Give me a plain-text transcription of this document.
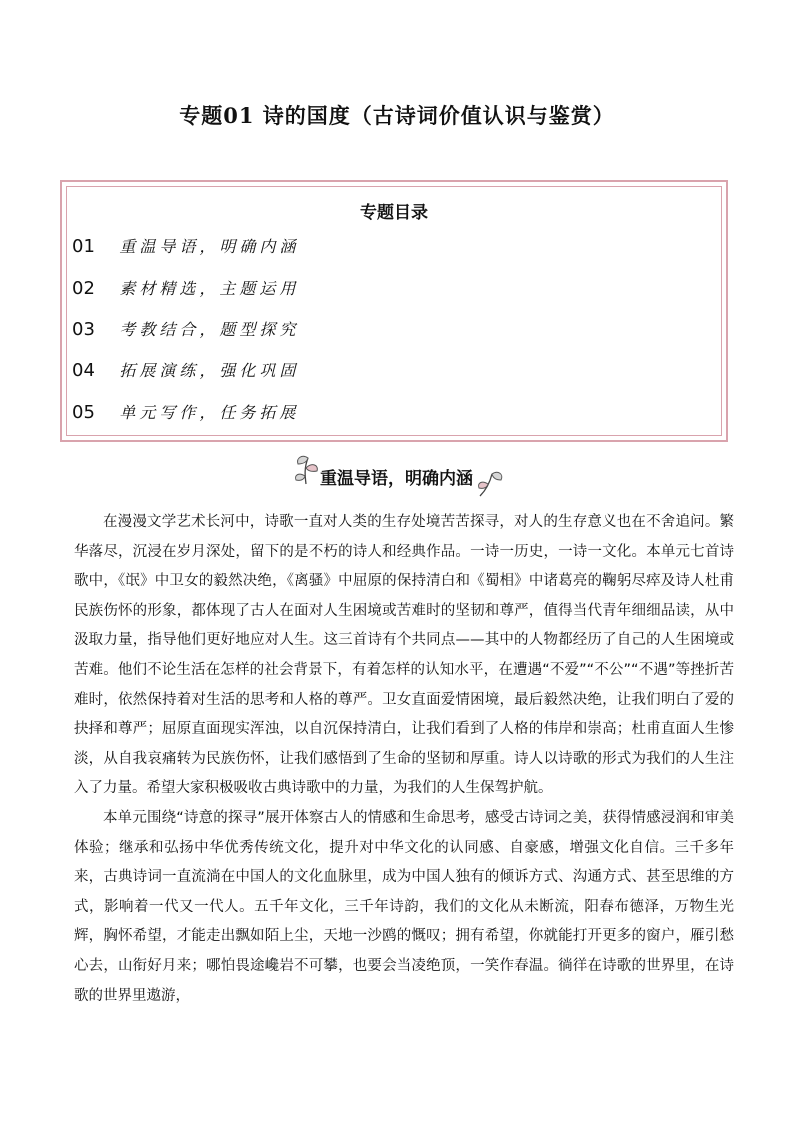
专题01 诗的国度（古诗词价值认识与鉴赏）
专题目录
01 重温导语，明确内涵
02 素材精选，主题运用
03 考教结合，题型探究
04 拓展演练，强化巩固
05 单元写作，任务拓展
重温导语，明确内涵

在漫漫文学艺术长河中，诗歌一直对人类的生存处境苦苦探寻，对人的生存意义也在不舍追问。繁华落尽，沉浸在岁月深处，留下的是不朽的诗人和经典作品。一诗一历史，一诗一文化。本单元七首诗歌中，《氓》中卫女的毅然决绝，《离骚》中屈原的保持清白和《蜀相》中诸葛亮的鞠躬尽瘁及诗人杜甫民族伤怀的形象，都体现了古人在面对人生困境或苦难时的坚韧和尊严，值得当代青年细细品读，从中汲取力量，指导他们更好地应对人生。这三首诗有个共同点——其中的人物都经历了自己的人生困境或苦难。他们不论生活在怎样的社会背景下，有着怎样的认知水平，在遭遇“不爱”“不公”“不遇”等挫折苦难时，依然保持着对生活的思考和人格的尊严。卫女直面爱情困境，最后毅然决绝，让我们明白了爱的抉择和尊严；屈原直面现实浑浊，以自沉保持清白，让我们看到了人格的伟岸和崇高；杜甫直面人生惨淡，从自我哀痛转为民族伤怀，让我们感悟到了生命的坚韧和厚重。诗人以诗歌的形式为我们的人生注入了力量。希望大家积极吸收古典诗歌中的力量，为我们的人生保驾护航。

本单元围绕“诗意的探寻”展开体察古人的情感和生命思考，感受古诗词之美，获得情感浸润和审美体验；继承和弘扬中华优秀传统文化，提升对中华文化的认同感、自豪感，增强文化自信。三千多年来，古典诗词一直流淌在中国人的文化血脉里，成为中国人独有的倾诉方式、沟通方式、甚至思维的方式，影响着一代又一代人。五千年文化，三千年诗韵，我们的文化从未断流，阳春布德泽，万物生光辉，胸怀希望，才能走出飘如陌上尘，天地一沙鸥的慨叹；拥有希望，你就能打开更多的窗户，雁引愁心去，山衔好月来；哪怕畏途巉岩不可攀，也要会当凌绝顶，一笑作春温。徜徉在诗歌的世界里，在诗歌的世界里遨游，
